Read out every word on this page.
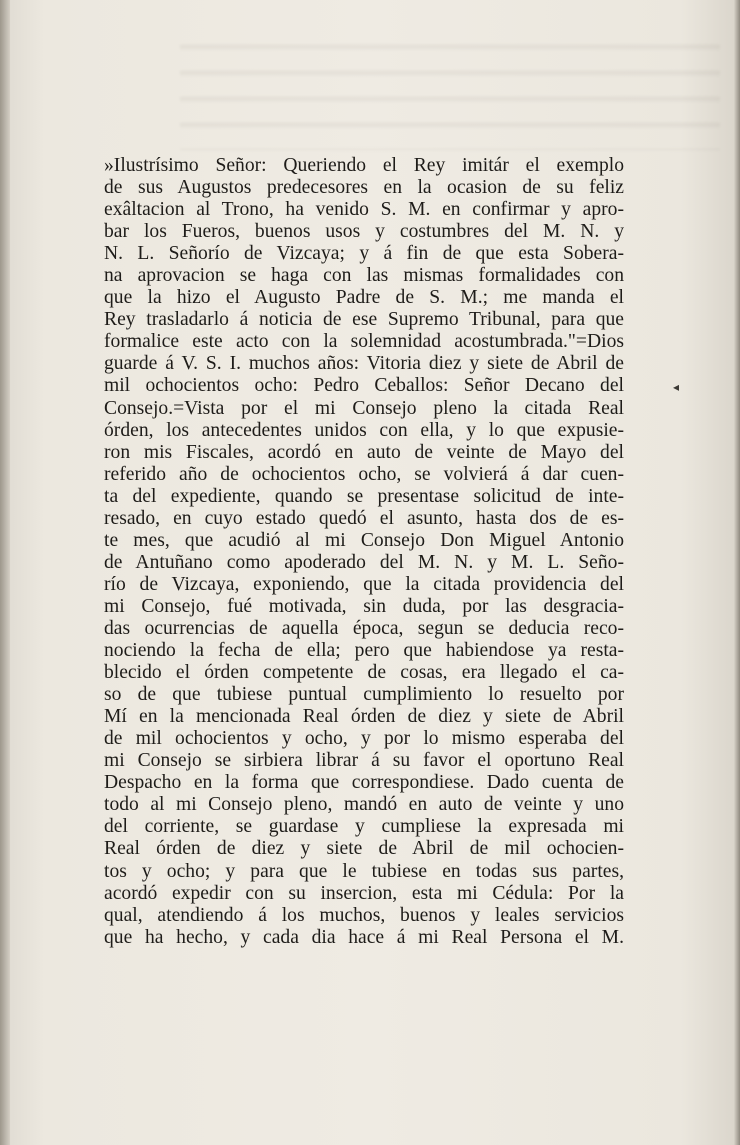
◂
»Ilustrísimo Señor: Queriendo el Rey imitár el exemplo
de sus Augustos predecesores en la ocasion de su feliz
exâltacion al Trono, ha venido S. M. en confirmar y apro-
bar los Fueros, buenos usos y costumbres del M. N. y
N. L. Señorío de Vizcaya; y á fin de que esta Sobera-
na aprovacion se haga con las mismas formalidades con
que la hizo el Augusto Padre de S. M.; me manda el
Rey trasladarlo á noticia de ese Supremo Tribunal, para que
formalice este acto con la solemnidad acostumbrada."=Dios
guarde á V. S. I. muchos años: Vitoria diez y siete de Abril de
mil ochocientos ocho: Pedro Ceballos: Señor Decano del
Consejo.=Vista por el mi Consejo pleno la citada Real
órden, los antecedentes unidos con ella, y lo que expusie-
ron mis Fiscales, acordó en auto de veinte de Mayo del
referido año de ochocientos ocho, se volvierá á dar cuen-
ta del expediente, quando se presentase solicitud de inte-
resado, en cuyo estado quedó el asunto, hasta dos de es-
te mes, que acudió al mi Consejo Don Miguel Antonio
de Antuñano como apoderado del M. N. y M. L. Seño-
río de Vizcaya, exponiendo, que la citada providencia del
mi Consejo, fué motivada, sin duda, por las desgracia-
das ocurrencias de aquella época, segun se deducia reco-
nociendo la fecha de ella; pero que habiendose ya resta-
blecido el órden competente de cosas, era llegado el ca-
so de que tubiese puntual cumplimiento lo resuelto por
Mí en la mencionada Real órden de diez y siete de Abril
de mil ochocientos y ocho, y por lo mismo esperaba del
mi Consejo se sirbiera librar á su favor el oportuno Real
Despacho en la forma que correspondiese. Dado cuenta de
todo al mi Consejo pleno, mandó en auto de veinte y uno
del corriente, se guardase y cumpliese la expresada mi
Real órden de diez y siete de Abril de mil ochocien-
tos y ocho; y para que le tubiese en todas sus partes,
acordó expedir con su insercion, esta mi Cédula: Por la
qual, atendiendo á los muchos, buenos y leales servicios
que ha hecho, y cada dia hace á mi Real Persona el M.
